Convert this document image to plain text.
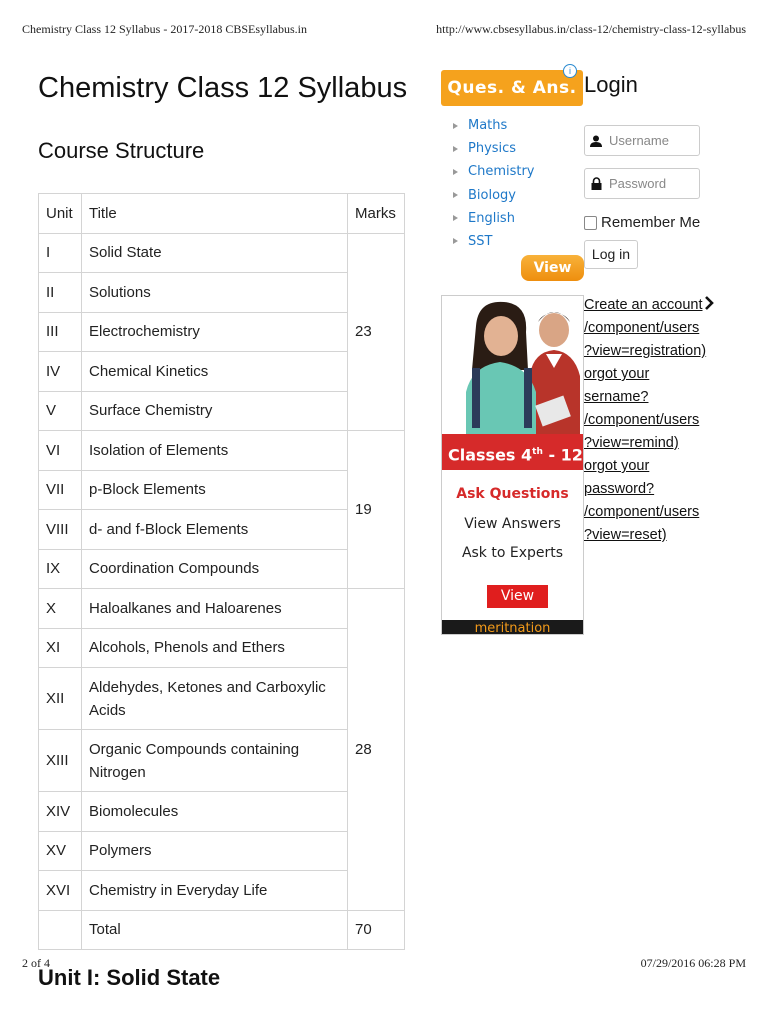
Chemistry Class 12 Syllabus - 2017-2018 CBSEsyllabus.in	http://www.cbsesyllabus.in/class-12/chemistry-class-12-syllabus
2 of 4	07/29/2016 06:28 PM
Chemistry Class 12 Syllabus
Course Structure
Unit	Title	Marks
I	Solid State	23
II	Solutions	
III	Electrochemistry	
IV	Chemical Kinetics	
V	Surface Chemistry	
VI	Isolation of Elements	19
VII	p-Block Elements	
VIII	d- and f-Block Elements	
IX	Coordination Compounds	
X	Haloalkanes and Haloarenes	28
XI	Alcohols, Phenols and Ethers	
XII	Aldehydes, Ketones and Carboxylic Acids	
XIII	Organic Compounds containing Nitrogen	
XIV	Biomolecules	
XV	Polymers	
XVI	Chemistry in Everyday Life	
	Total	70
Unit I: Solid State
Login
Username
Remember Me
Log in
Create an account
/component/users
?view=registration)
orgot your
sername?
/component/users
?view=remind)
orgot your
password?
/component/users
?view=reset)
Ques. & Ans.
i
Maths
Physics
Chemistry
Biology
English
SST
View
Classes 4th - 12
Ask Questions
View Answers
Ask to Experts
View
meritnation
